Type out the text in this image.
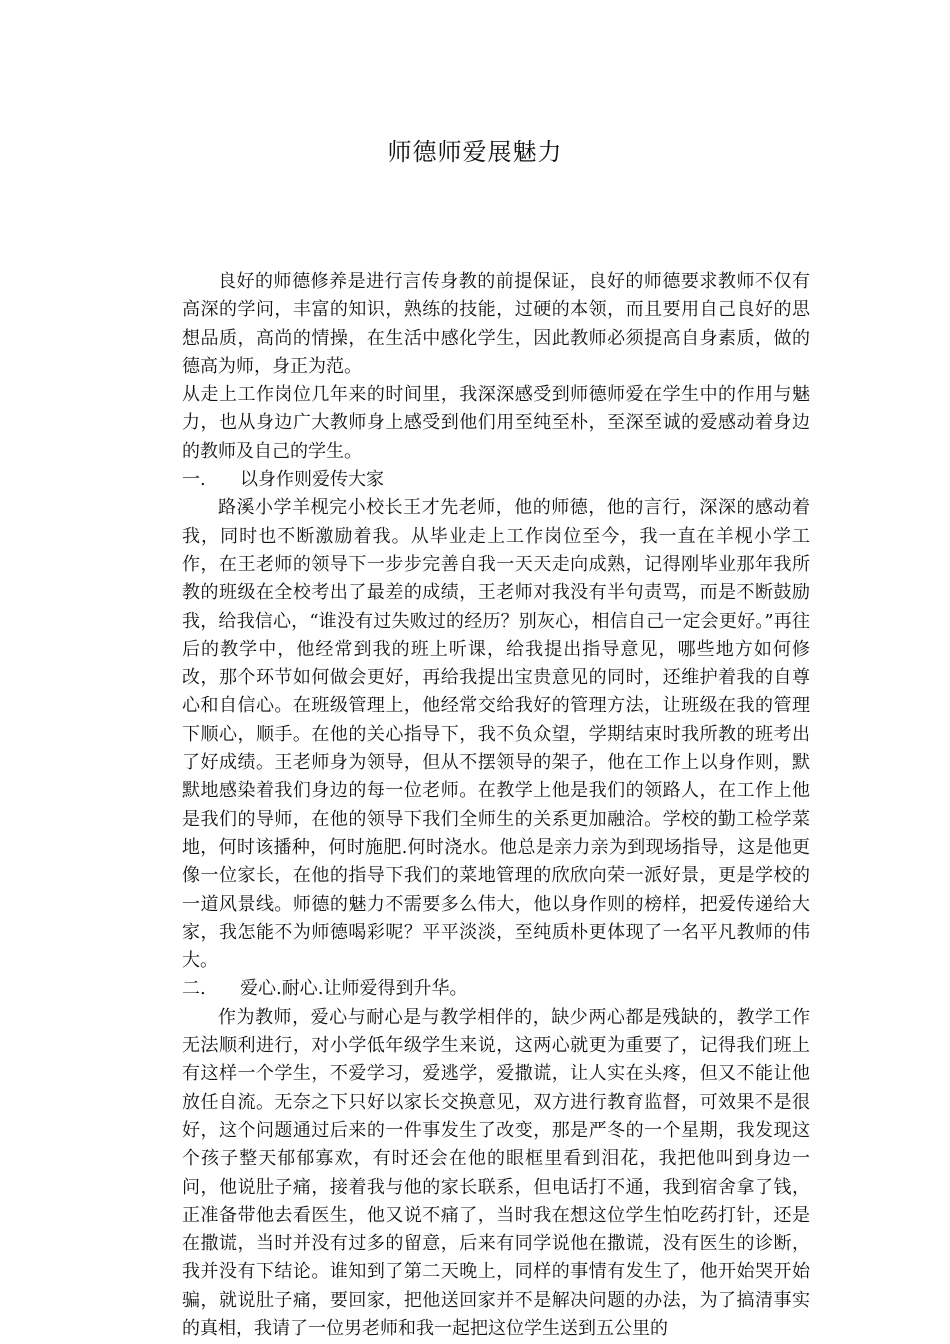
师德师爱展魅力

良好的师德修养是进行言传身教的前提保证，良好的师德要求教师不仅有高深的学问，丰富的知识，熟练的技能，过硬的本领，而且要用自己良好的思想品质，高尚的情操，在生活中感化学生，因此教师必须提高自身素质，做的德高为师，身正为范。

从走上工作岗位几年来的时间里，我深深感受到师德师爱在学生中的作用与魅力，也从身边广大教师身上感受到他们用至纯至朴，至深至诚的爱感动着身边的教师及自己的学生。

一. 以身作则爱传大家

路溪小学羊枧完小校长王才先老师，他的师德，他的言行，深深的感动着我，同时也不断激励着我。从毕业走上工作岗位至今，我一直在羊枧小学工作，在王老师的领导下一步步完善自我一天天走向成熟，记得刚毕业那年我所教的班级在全校考出了最差的成绩，王老师对我没有半句责骂，而是不断鼓励我，给我信心，“谁没有过失败过的经历？别灰心，相信自己一定会更好。”再往后的教学中，他经常到我的班上听课，给我提出指导意见，哪些地方如何修改，那个环节如何做会更好，再给我提出宝贵意见的同时，还维护着我的自尊心和自信心。在班级管理上，他经常交给我好的管理方法，让班级在我的管理下顺心，顺手。在他的关心指导下，我不负众望，学期结束时我所教的班考出了好成绩。王老师身为领导，但从不摆领导的架子，他在工作上以身作则，默默地感染着我们身边的每一位老师。在教学上他是我们的领路人，在工作上他是我们的导师，在他的领导下我们全师生的关系更加融洽。学校的勤工检学菜地，何时该播种，何时施肥.何时浇水。他总是亲力亲为到现场指导，这是他更像一位家长，在他的指导下我们的菜地管理的欣欣向荣一派好景，更是学校的一道风景线。师德的魅力不需要多么伟大，他以身作则的榜样，把爱传递给大家，我怎能不为师德喝彩呢？平平淡淡，至纯质朴更体现了一名平凡教师的伟大。

二. 爱心.耐心.让师爱得到升华。

作为教师，爱心与耐心是与教学相伴的，缺少两心都是残缺的，教学工作无法顺利进行，对小学低年级学生来说，这两心就更为重要了，记得我们班上有这样一个学生，不爱学习，爱逃学，爱撒谎，让人实在头疼，但又不能让他放任自流。无奈之下只好以家长交换意见，双方进行教育监督，可效果不是很好，这个问题通过后来的一件事发生了改变，那是严冬的一个星期，我发现这个孩子整天郁郁寡欢，有时还会在他的眼框里看到泪花，我把他叫到身边一问，他说肚子痛，接着我与他的家长联系，但电话打不通，我到宿舍拿了钱，正准备带他去看医生，他又说不痛了，当时我在想这位学生怕吃药打针，还是在撒谎，当时并没有过多的留意，后来有同学说他在撒谎，没有医生的诊断，我并没有下结论。谁知到了第二天晚上，同样的事情有发生了，他开始哭开始骗，就说肚子痛，要回家，把他送回家并不是解决问题的办法，为了搞清事实的真相，我请了一位男老师和我一起把这位学生送到五公里的
